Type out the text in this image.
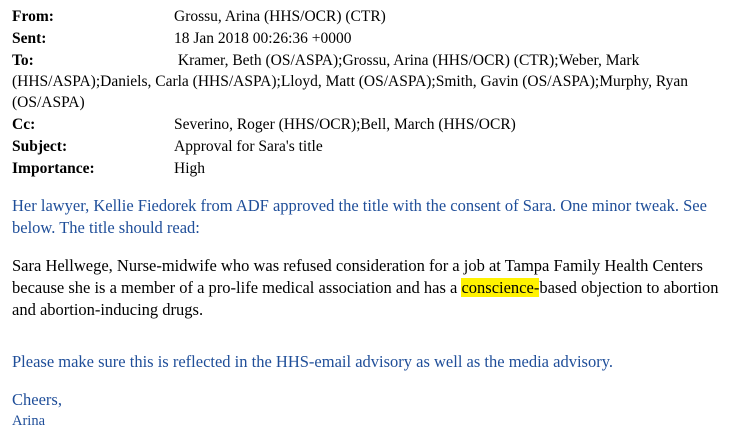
From:	Grossu, Arina (HHS/OCR) (CTR)
Sent:	18 Jan 2018 00:26:36 +0000
To:	Kramer, Beth (OS/ASPA);Grossu, Arina (HHS/OCR) (CTR);Weber, Mark (HHS/ASPA);Daniels, Carla (HHS/ASPA);Lloyd, Matt (OS/ASPA);Smith, Gavin (OS/ASPA);Murphy, Ryan (OS/ASPA)
Cc:	Severino, Roger (HHS/OCR);Bell, March (HHS/OCR)
Subject:	Approval for Sara's title
Importance:	High

Her lawyer, Kellie Fiedorek from ADF approved the title with the consent of Sara. One minor tweak. See below. The title should read:

Sara Hellwege, Nurse-midwife who was refused consideration for a job at Tampa Family Health Centers because she is a member of a pro-life medical association and has a conscience-based objection to abortion and abortion-inducing drugs.

Please make sure this is reflected in the HHS-email advisory as well as the media advisory.

Cheers,

Arina
